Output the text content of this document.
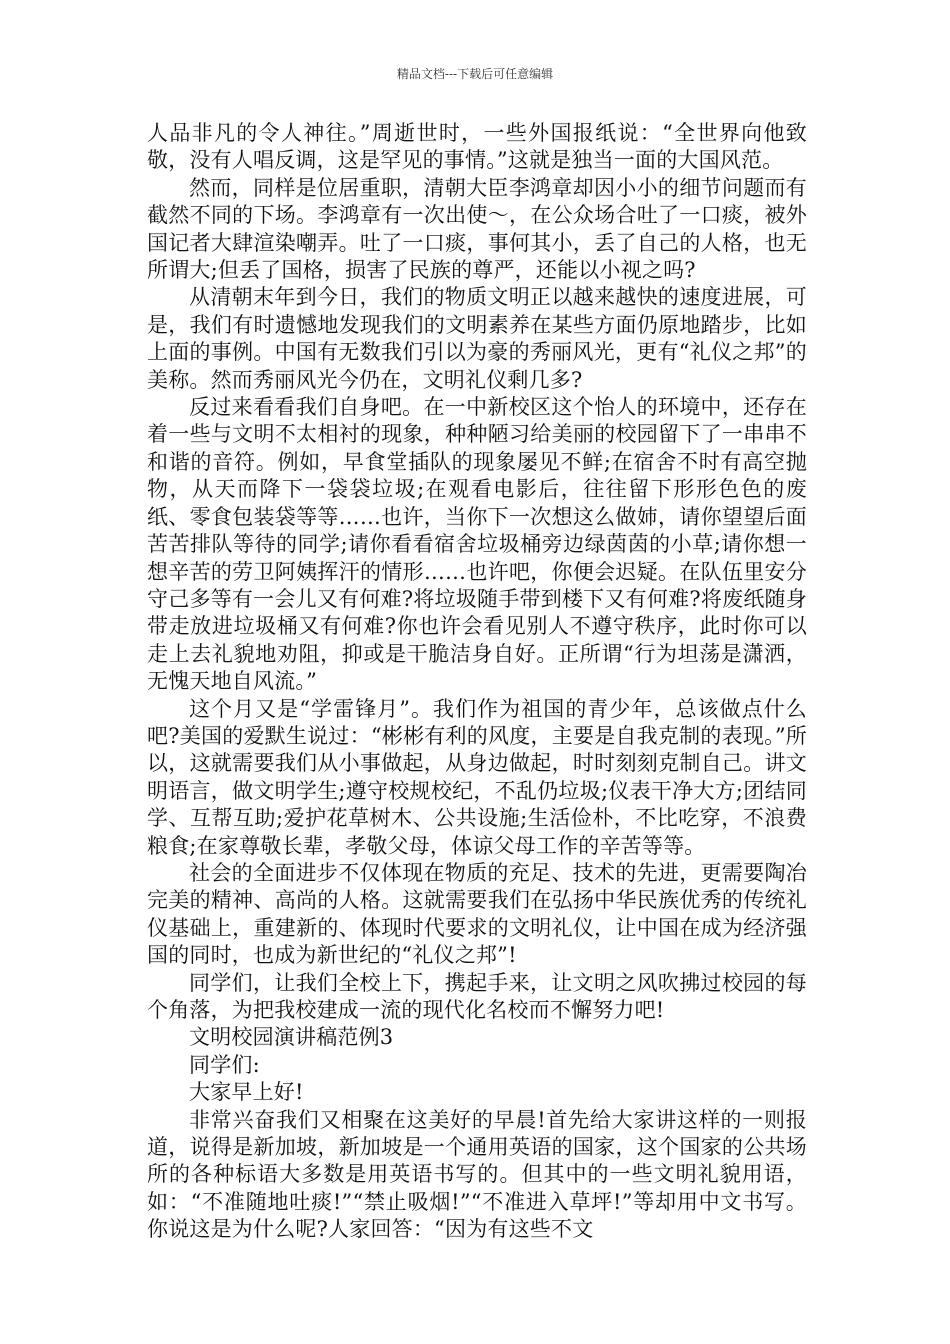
精品文档---下载后可任意编辑

人品非凡的令人神往。”周逝世时，一些外国报纸说：“全世界向他致敬，没有人唱反调，这是罕见的事情。”这就是独当一面的大国风范。

然而，同样是位居重职，清朝大臣李鸿章却因小小的细节问题而有截然不同的下场。李鸿章有一次出使～，在公众场合吐了一口痰，被外国记者大肆渲染嘲弄。吐了一口痰，事何其小，丢了自己的人格，也无所谓大;但丢了国格，损害了民族的尊严，还能以小视之吗?

从清朝末年到今日，我们的物质文明正以越来越快的速度进展，可是，我们有时遗憾地发现我们的文明素养在某些方面仍原地踏步，比如上面的事例。中国有无数我们引以为豪的秀丽风光，更有“礼仪之邦”的美称。然而秀丽风光今仍在，文明礼仪剩几多?

反过来看看我们自身吧。在一中新校区这个怡人的环境中，还存在着一些与文明不太相衬的现象，种种陋习给美丽的校园留下了一串串不和谐的音符。例如，早食堂插队的现象屡见不鲜;在宿舍不时有高空抛物，从天而降下一袋袋垃圾;在观看电影后，往往留下形形色色的废纸、零食包装袋等等……也许，当你下一次想这么做姉，请你望望后面苦苦排队等待的同学;请你看看宿舍垃圾桶旁边绿茵茵的小草;请你想一想辛苦的劳卫阿姨挥汗的情形……也许吧，你便会迟疑。在队伍里安分守己多等有一会儿又有何难?将垃圾随手带到楼下又有何难?将废纸随身带走放进垃圾桶又有何难?你也许会看见别人不遵守秩序，此时你可以走上去礼貌地劝阻，抑或是干脆洁身自好。正所谓“行为坦荡是潇洒，无愧天地自风流。”

这个月又是“学雷锋月”。我们作为祖国的青少年，总该做点什么吧?美国的爱默生说过：“彬彬有利的风度，主要是自我克制的表现。”所以，这就需要我们从小事做起，从身边做起，时时刻刻克制自己。讲文明语言，做文明学生;遵守校规校纪，不乱仍垃圾;仪表干净大方;团结同学、互帮互助;爱护花草树木、公共设施;生活俭朴，不比吃穿，不浪费粮食;在家尊敬长辈，孝敬父母，体谅父母工作的辛苦等等。

社会的全面进步不仅体现在物质的充足、技术的先进，更需要陶冶完美的精神、高尚的人格。这就需要我们在弘扬中华民族优秀的传统礼仪基础上，重建新的、体现时代要求的文明礼仪，让中国在成为经济强国的同时，也成为新世纪的“礼仪之邦”!

同学们，让我们全校上下，携起手来，让文明之风吹拂过校园的每个角落，为把我校建成一流的现代化名校而不懈努力吧!

文明校园演讲稿范例3

同学们:

大家早上好!

非常兴奋我们又相聚在这美好的早晨!首先给大家讲这样的一则报道，说得是新加坡，新加坡是一个通用英语的国家，这个国家的公共场所的各种标语大多数是用英语书写的。但其中的一些文明礼貌用语，如：“不准随地吐痰!”“禁止吸烟!”“不准进入草坪!”等却用中文书写。你说这是为什么呢?人家回答：“因为有这些不文
